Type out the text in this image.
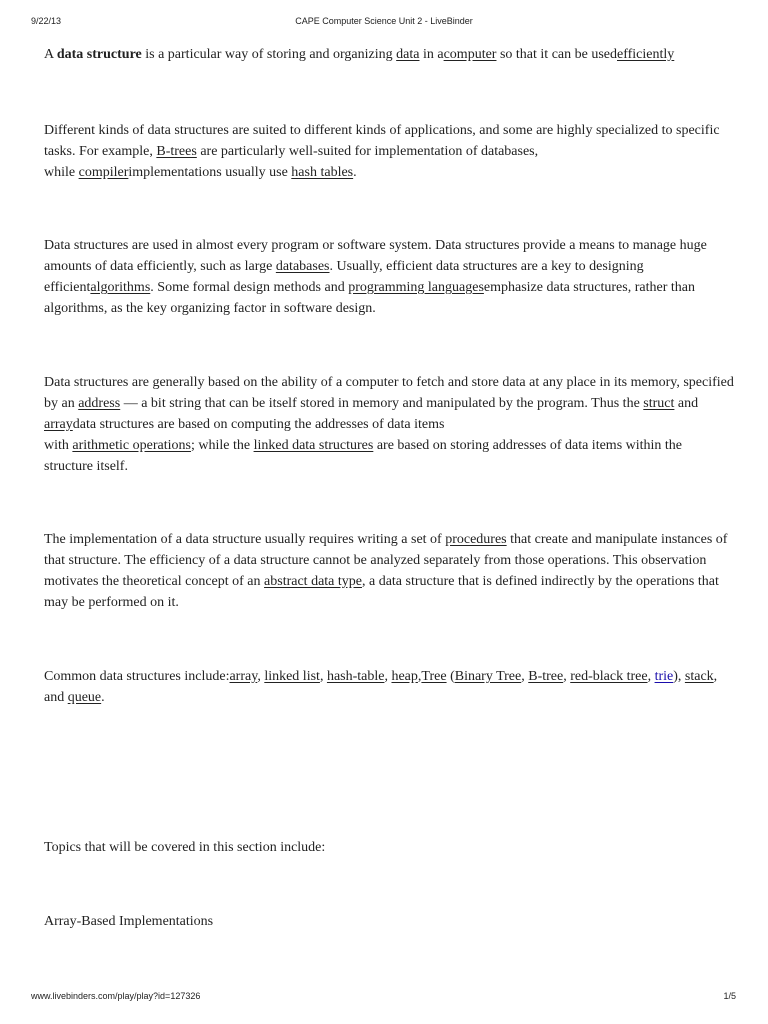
9/22/13	CAPE Computer Science Unit 2 - LiveBinder

A data structure is a particular way of storing and organizing data in acomputer so that it can be usedefficiently

Different kinds of data structures are suited to different kinds of applications, and some are highly specialized to specific tasks. For example, B-trees are particularly well-suited for implementation of databases,
while compilerimplementations usually use hash tables.

Data structures are used in almost every program or software system. Data structures provide a means to manage huge amounts of data efficiently, such as large databases. Usually, efficient data structures are a key to designing efficientalgorithms. Some formal design methods and programming languagesemphasize data structures, rather than algorithms, as the key organizing factor in software design.

Data structures are generally based on the ability of a computer to fetch and store data at any place in its memory, specified by an address — a bit string that can be itself stored in memory and manipulated by the program. Thus the struct and arraydata structures are based on computing the addresses of data items
with arithmetic operations; while the linked data structures are based on storing addresses of data items within the structure itself.

The implementation of a data structure usually requires writing a set of procedures that create and manipulate instances of that structure. The efficiency of a data structure cannot be analyzed separately from those operations. This observation motivates the theoretical concept of an abstract data type, a data structure that is defined indirectly by the operations that may be performed on it.

Common data structures include:array, linked list, hash-table, heap,Tree (Binary Tree, B-tree, red-black tree, trie), stack, and queue.

Topics that will be covered in this section include:

Array-Based Implementations

www.livebinders.com/play/play?id=127326	1/5
